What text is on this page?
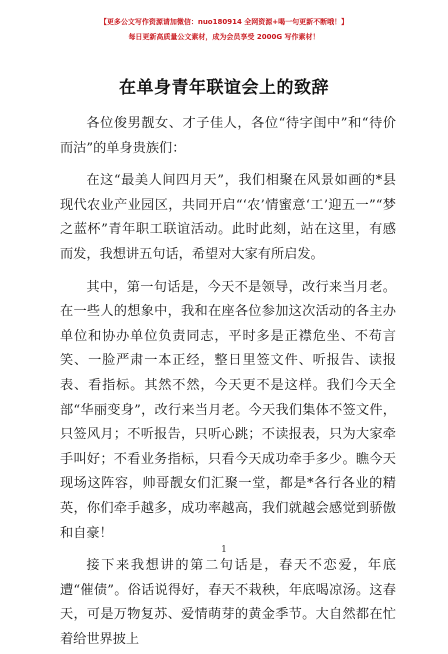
【更多公文写作资源请加微信：nuo180914 全网资源+喝一句更新不断哦！】
每日更新高质量公文素材，成为会员享受 2000G 写作素材！
在单身青年联谊会上的致辞

各位俊男靓女、才子佳人，各位“待字闺中”和“待价而沽”的单身贵族们：

在这“最美人间四月天”，我们相聚在风景如画的*县现代农业产业园区，共同开启“‘农’情蜜意‘工’迎五一”“梦之蓝杯”青年职工联谊活动。此时此刻，站在这里，有感而发，我想讲五句话，希望对大家有所启发。

其中，第一句话是，今天不是领导，改行来当月老。在一些人的想象中，我和在座各位参加这次活动的各主办单位和协办单位负责同志，平时多是正襟危坐、不苟言笑、一脸严肃一本正经，整日里签文件、听报告、读报表、看指标。其然不然，今天更不是这样。我们今天全部“华丽变身”，改行来当月老。今天我们集体不签文件，只签风月；不听报告，只听心跳；不读报表，只为大家牵手叫好；不看业务指标，只看今天成功牵手多少。瞧今天现场这阵容，帅哥靓女们汇聚一堂，都是*各行各业的精英，你们牵手越多，成功率越高，我们就越会感觉到骄傲和自豪！

接下来我想讲的第二句话是，春天不恋爱，年底遭“催债”。俗话说得好，春天不栽秧，年底喝凉汤。这春天，可是万物复苏、爱情萌芽的黄金季节。大自然都在忙着给世界披上

1
